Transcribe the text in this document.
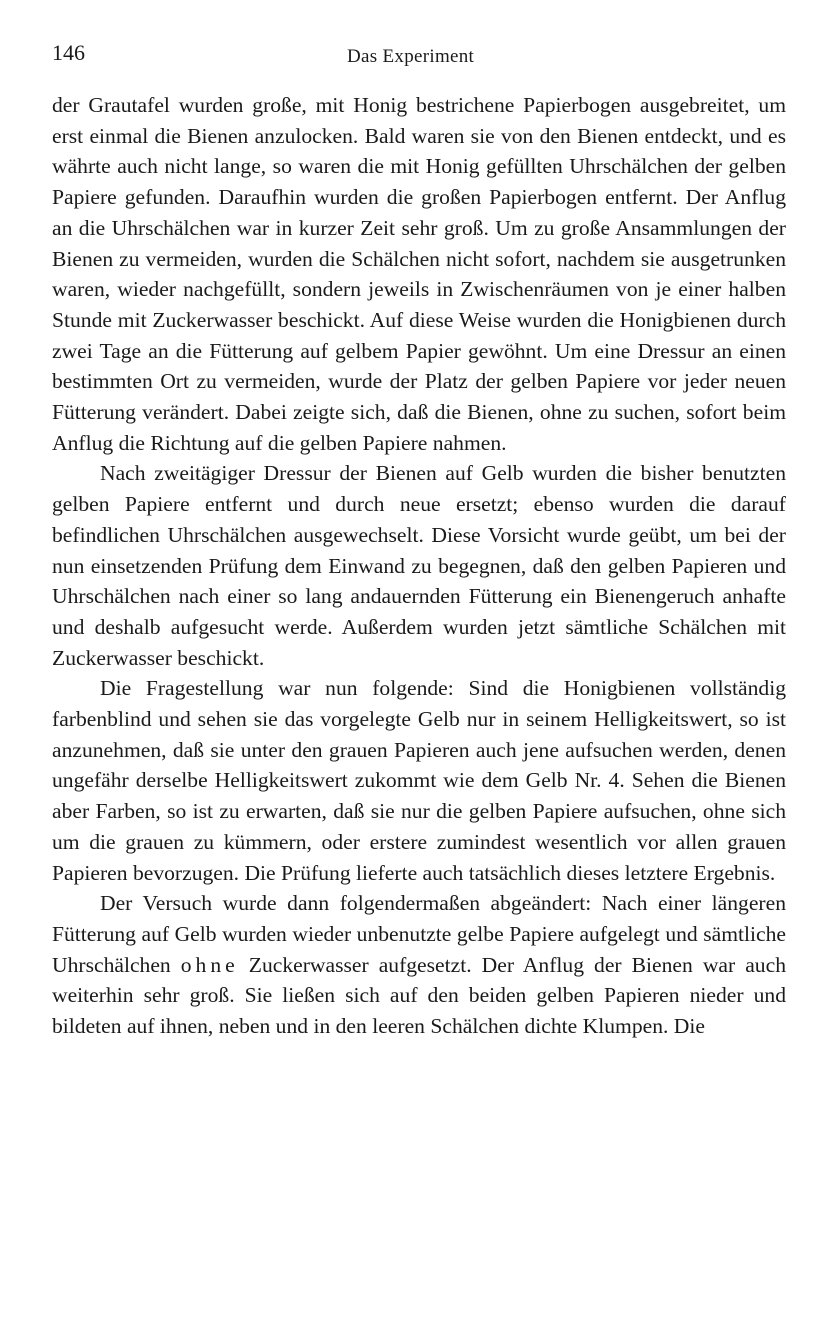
146	Das Experiment

der Grautafel wurden große, mit Honig bestrichene Papierbogen ausgebreitet, um erst einmal die Bienen anzulocken. Bald waren sie von den Bienen entdeckt, und es währte auch nicht lange, so waren die mit Honig gefüllten Uhrschälchen der gelben Papiere gefunden. Daraufhin wurden die großen Papierbogen entfernt. Der Anflug an die Uhrschälchen war in kurzer Zeit sehr groß. Um zu große Ansammlungen der Bienen zu vermeiden, wurden die Schälchen nicht sofort, nachdem sie ausgetrunken waren, wieder nachgefüllt, sondern jeweils in Zwischenräumen von je einer halben Stunde mit Zuckerwasser beschickt. Auf diese Weise wurden die Honigbienen durch zwei Tage an die Fütterung auf gelbem Papier gewöhnt. Um eine Dressur an einen bestimmten Ort zu vermeiden, wurde der Platz der gelben Papiere vor jeder neuen Fütterung verändert. Dabei zeigte sich, daß die Bienen, ohne zu suchen, sofort beim Anflug die Richtung auf die gelben Papiere nahmen.

Nach zweitägiger Dressur der Bienen auf Gelb wurden die bisher benutzten gelben Papiere entfernt und durch neue ersetzt; ebenso wurden die darauf befindlichen Uhrschälchen ausgewechselt. Diese Vorsicht wurde geübt, um bei der nun einsetzenden Prüfung dem Einwand zu begegnen, daß den gelben Papieren und Uhrschälchen nach einer so lang andauernden Fütterung ein Bienengeruch anhafte und deshalb aufgesucht werde. Außerdem wurden jetzt sämtliche Schälchen mit Zuckerwasser beschickt.

Die Fragestellung war nun folgende: Sind die Honigbienen vollständig farbenblind und sehen sie das vorgelegte Gelb nur in seinem Helligkeitswert, so ist anzunehmen, daß sie unter den grauen Papieren auch jene aufsuchen werden, denen ungefähr derselbe Helligkeitswert zukommt wie dem Gelb Nr. 4. Sehen die Bienen aber Farben, so ist zu erwarten, daß sie nur die gelben Papiere aufsuchen, ohne sich um die grauen zu kümmern, oder erstere zumindest wesentlich vor allen grauen Papieren bevorzugen. Die Prüfung lieferte auch tatsächlich dieses letztere Ergebnis.

Der Versuch wurde dann folgendermaßen abgeändert: Nach einer längeren Fütterung auf Gelb wurden wieder unbenutzte gelbe Papiere aufgelegt und sämtliche Uhrschälchen ohne Zuckerwasser aufgesetzt. Der Anflug der Bienen war auch weiterhin sehr groß. Sie ließen sich auf den beiden gelben Papieren nieder und bildeten auf ihnen, neben und in den leeren Schälchen dichte Klumpen. Die
